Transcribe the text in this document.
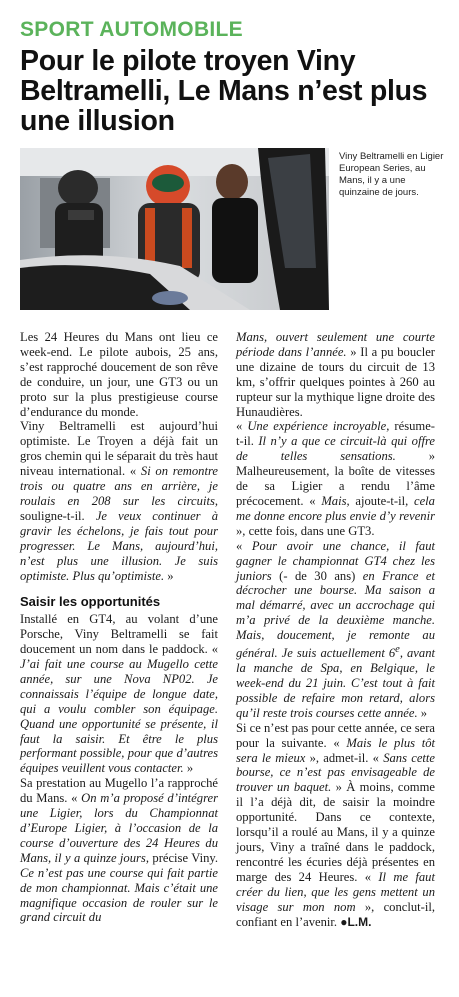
SPORT AUTOMOBILE
Pour le pilote troyen Viny Beltramelli, Le Mans n’est plus une illusion
Viny Beltramelli en Ligier European Series, au Mans, il y a une quinzaine de jours.

Les 24 Heures du Mans ont lieu ce week-end. Le pilote aubois, 25 ans, s’est rapproché doucement de son rêve de conduire, un jour, une GT3 ou un proto sur la plus prestigieuse course d’endurance du monde.

Viny Beltramelli est aujourd’hui optimiste. Le Troyen a déjà fait un gros chemin qui le séparait du très haut niveau international. « Si on remontre trois ou quatre ans en arrière, je roulais en 208 sur les circuits, souligne-t-il. Je veux continuer à gravir les échelons, je fais tout pour progresser. Le Mans, aujourd’hui, n’est plus une illusion. Je suis optimiste. Plus qu’optimiste. »

Saisir les opportunités

Installé en GT4, au volant d’une Porsche, Viny Beltramelli se fait doucement un nom dans le paddock. « J’ai fait une course au Mugello cette année, sur une Nova NP02. Je connaissais l’équipe de longue date, qui a voulu combler son équipage. Quand une opportunité se présente, il faut la saisir. Et être le plus performant possible, pour que d’autres équipes veuillent vous contacter. »

Sa prestation au Mugello l’a rapproché du Mans. « On m’a proposé d’intégrer une Ligier, lors du Championnat d’Europe Ligier, à l’occasion de la course d’ouverture des 24 Heures du Mans, il y a quinze jours, précise Viny. Ce n’est pas une course qui fait partie de mon championnat. Mais c’était une magnifique occasion de rouler sur le grand circuit du

Mans, ouvert seulement une courte période dans l’année. » Il a pu boucler une dizaine de tours du circuit de 13 km, s’offrir quelques pointes à 260 au rupteur sur la mythique ligne droite des Hunaudières.

« Une expérience incroyable, résume-t-il. Il n’y a que ce circuit-là qui offre de telles sensations. » Malheureusement, la boîte de vitesses de sa Ligier a rendu l’âme précocement. « Mais, ajoute-t-il, cela me donne encore plus envie d’y revenir », cette fois, dans une GT3.

« Pour avoir une chance, il faut gagner le championnat GT4 chez les juniors (- de 30 ans) en France et décrocher une bourse. Ma saison a mal démarré, avec un accrochage qui m’a privé de la deuxième manche. Mais, doucement, je remonte au général. Je suis actuellement 6e, avant la manche de Spa, en Belgique, le week-end du 21 juin. C’est tout à fait possible de refaire mon retard, alors qu’il reste trois courses cette année. »

Si ce n’est pas pour cette année, ce sera pour la suivante. « Mais le plus tôt sera le mieux », admet-il. « Sans cette bourse, ce n’est pas envisageable de trouver un baquet. » À moins, comme il l’a déjà dit, de saisir la moindre opportunité. Dans ce contexte, lorsqu’il a roulé au Mans, il y a quinze jours, Viny a traîné dans le paddock, rencontré les écuries déjà présentes en marge des 24 Heures. « Il me faut créer du lien, que les gens mettent un visage sur mon nom », conclut-il, confiant en l’avenir. ●L.M.
